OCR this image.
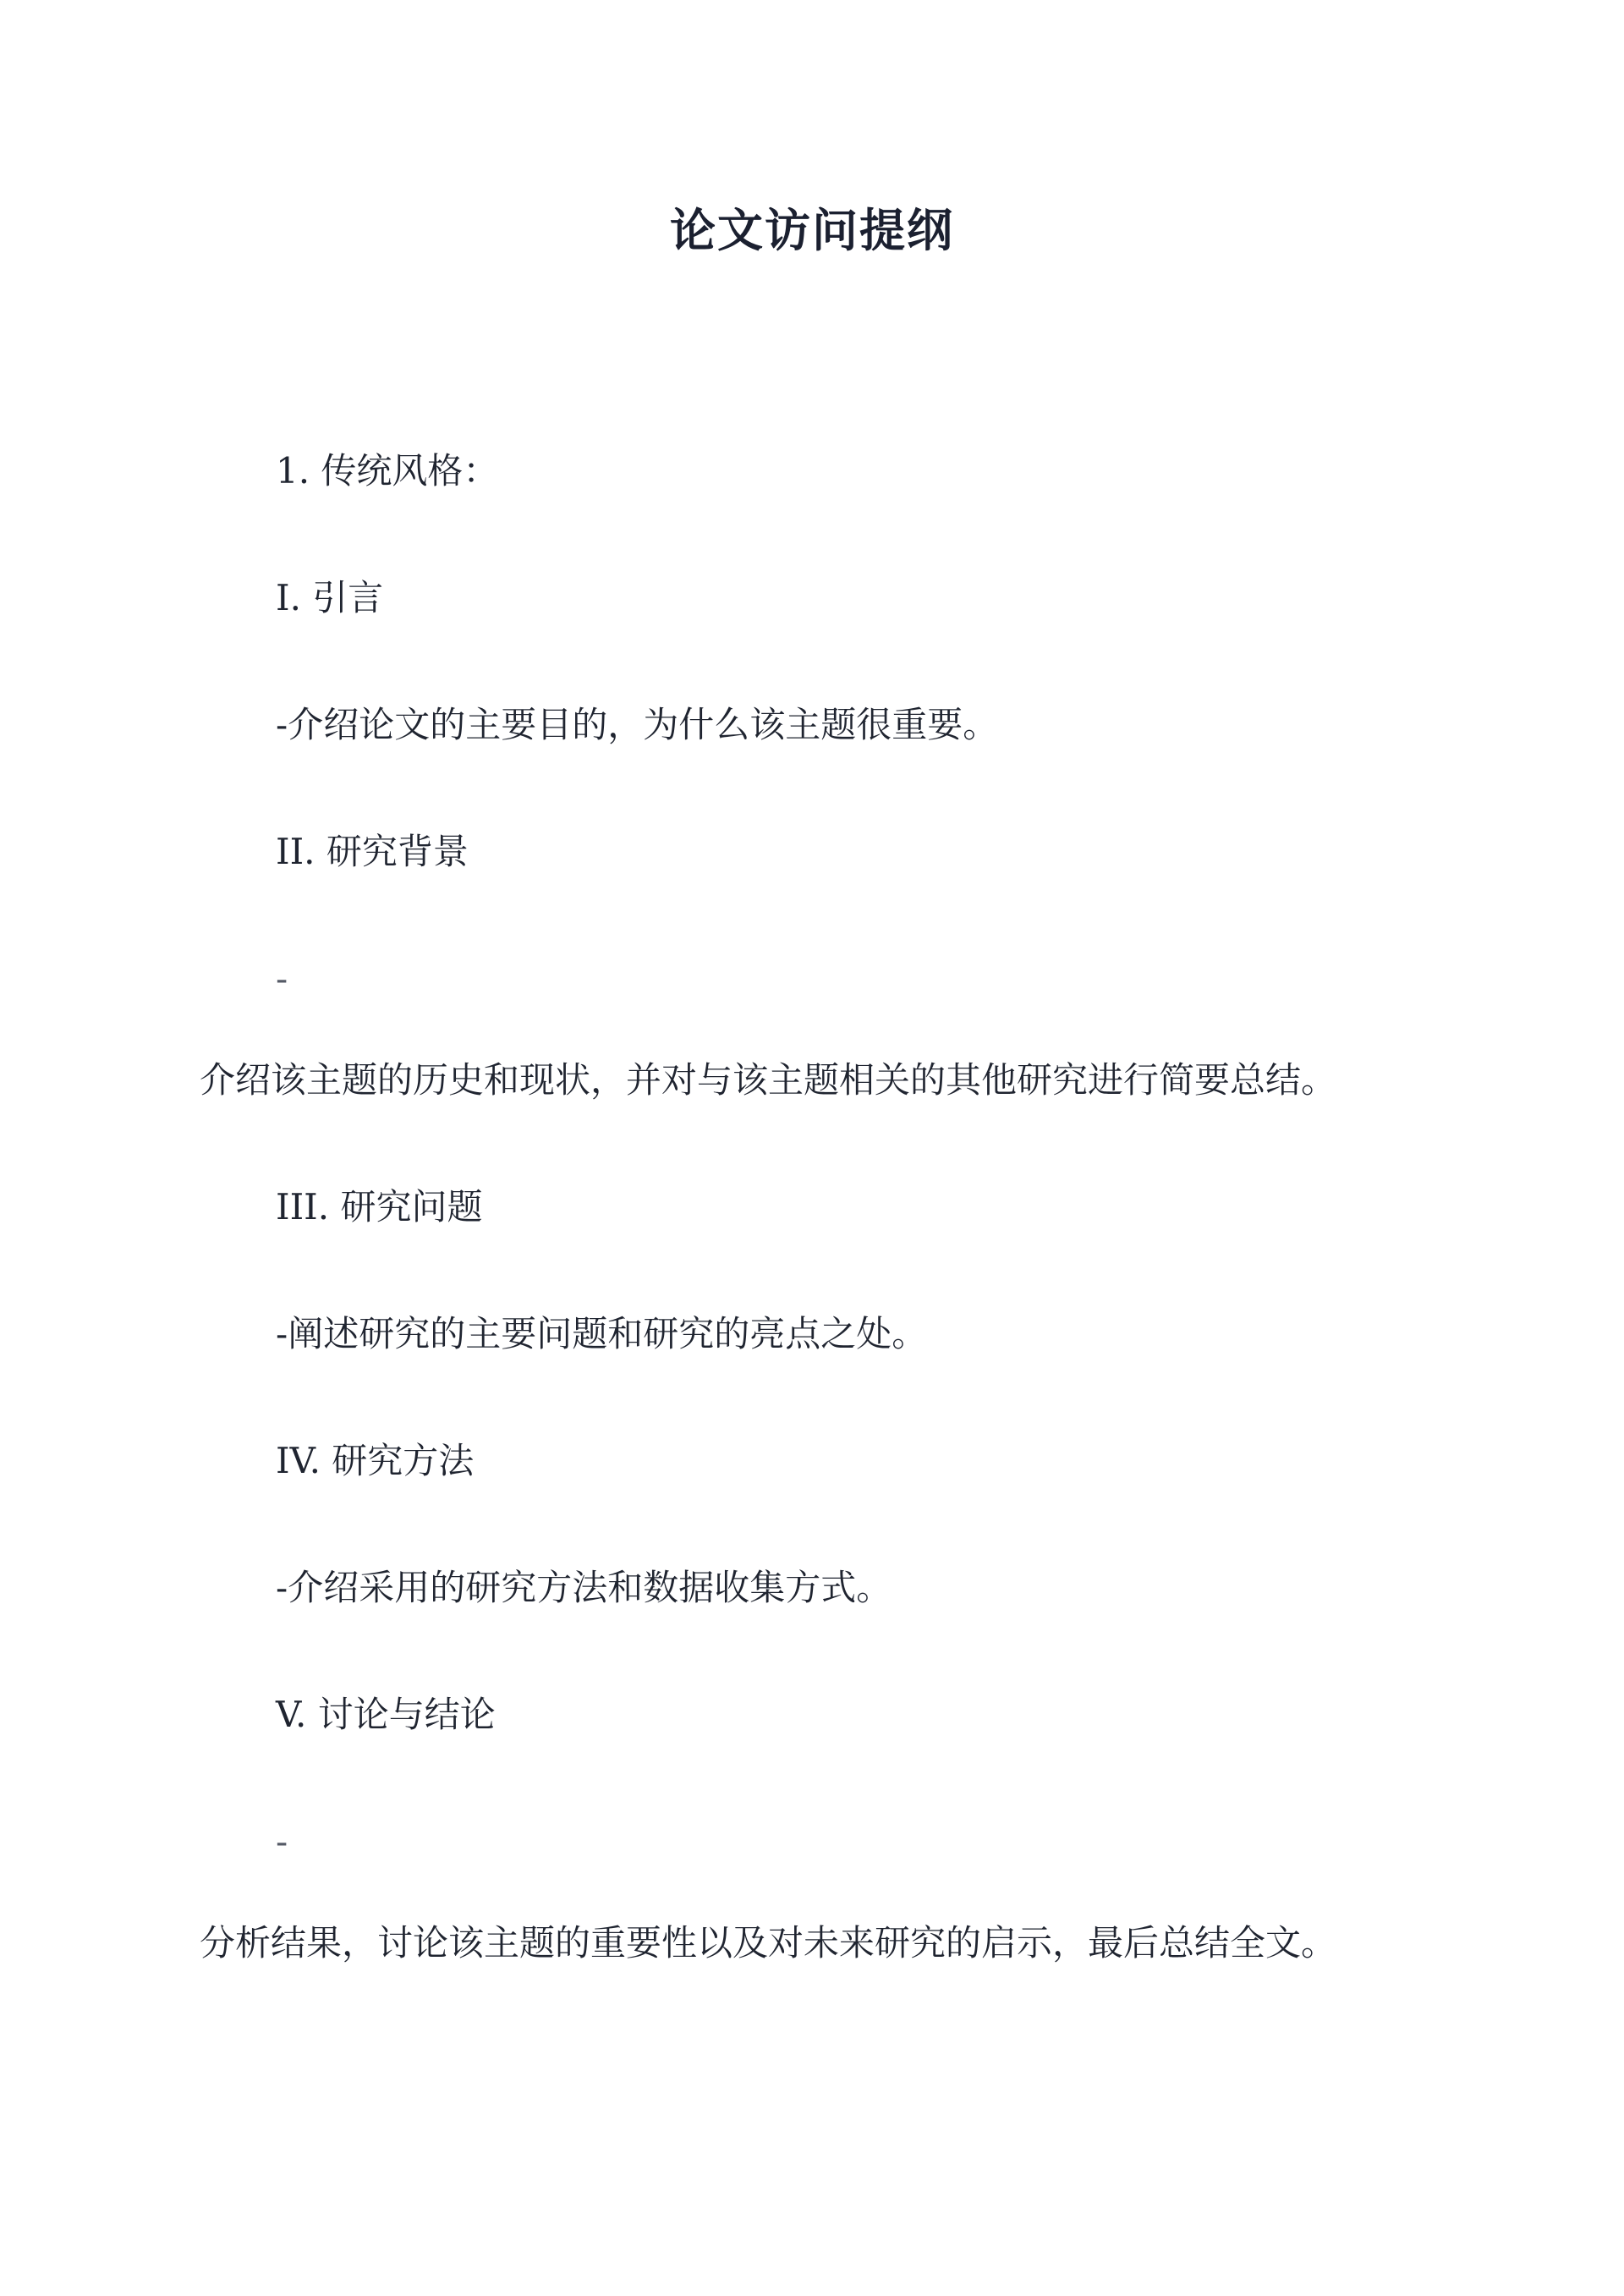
论文访问提纲
1. 传统风格：
I. 引言
-介绍论文的主要目的，为什么该主题很重要。
II. 研究背景
-
介绍该主题的历史和现状，并对与该主题相关的其他研究进行简要总结。
III. 研究问题
-阐述研究的主要问题和研究的亮点之处。
IV. 研究方法
-介绍采用的研究方法和数据收集方式。
V. 讨论与结论
-
分析结果，讨论该主题的重要性以及对未来研究的启示，最后总结全文。
